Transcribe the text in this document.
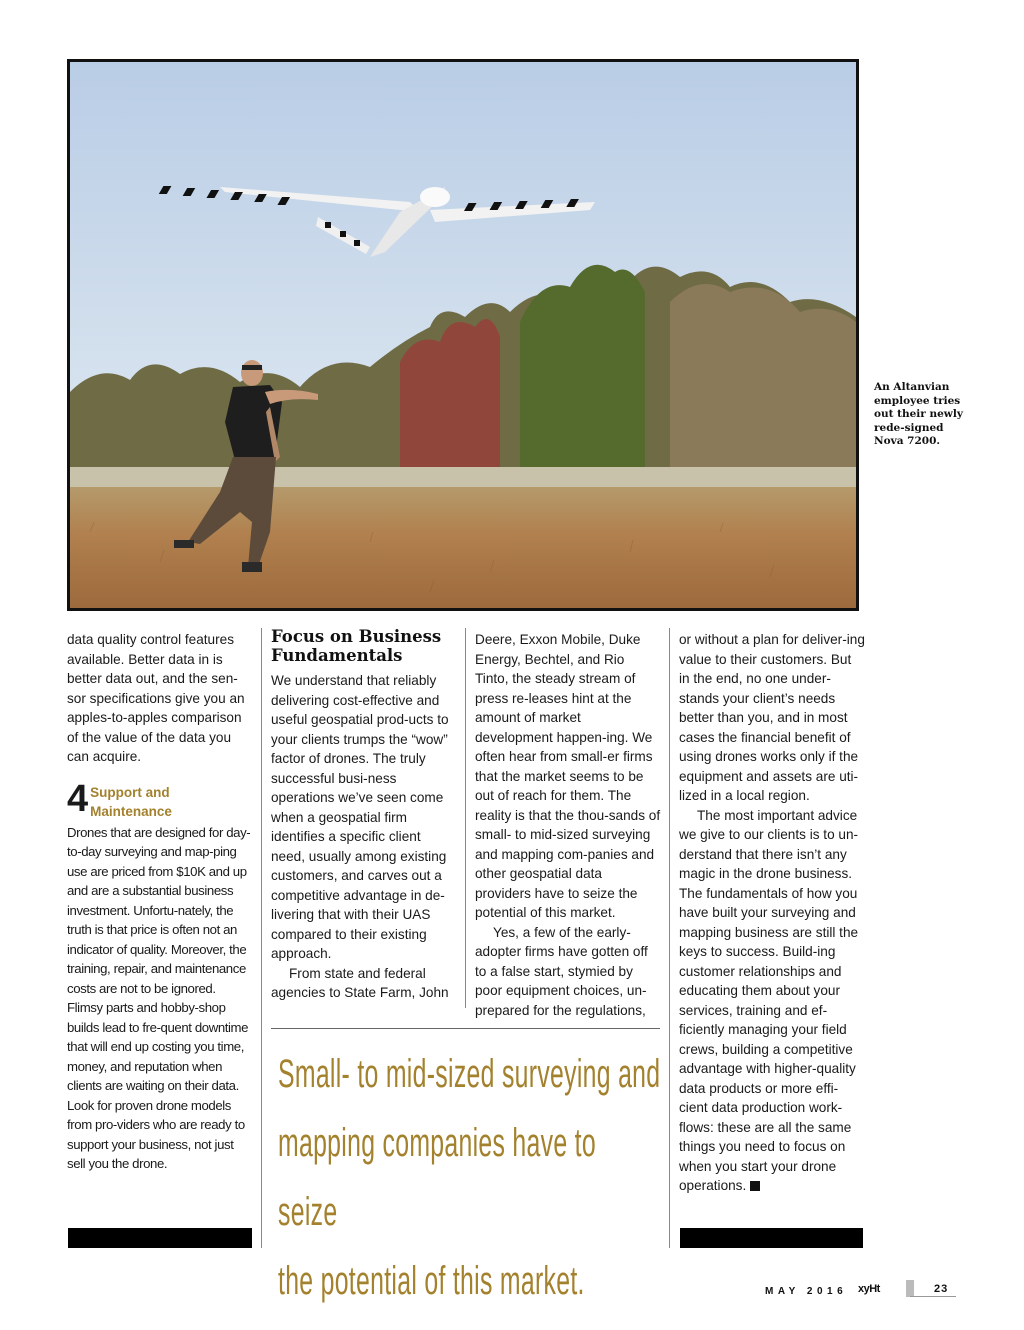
An Altanvian employee tries out their newly rede-signed Nova 7200.

data quality control features available. Better data in is better data out, and the sen-sor specifications give you an apples-to-apples comparison of the value of the data you can acquire.

4 Support and
Maintenance

Drones that are designed for day-to-day surveying and map-ping use are priced from $10K and up and are a substantial business investment. Unfortu-nately, the truth is that price is often not an indicator of quality. Moreover, the training, repair, and maintenance costs are not to be ignored. Flimsy parts and hobby-shop builds lead to fre-quent downtime that will end up costing you time, money, and reputation when clients are waiting on their data. Look for proven drone models from pro-viders who are ready to support your business, not just sell you the drone.

Focus on Business Fundamentals

We understand that reliably delivering cost-effective and useful geospatial prod-ucts to your clients trumps the “wow” factor of drones. The truly successful busi-ness operations we’ve seen come when a geospatial firm identifies a specific client need, usually among existing customers, and carves out a competitive advantage in de-livering that with their UAS compared to their existing approach.

From state and federal agencies to State Farm, John

Deere, Exxon Mobile, Duke Energy, Bechtel, and Rio Tinto, the steady stream of press re-leases hint at the amount of market development happen-ing. We often hear from small-er firms that the market seems to be out of reach for them. The reality is that the thou-sands of small- to mid-sized surveying and mapping com-panies and other geospatial data providers have to seize the potential of this market.

Yes, a few of the early-adopter firms have gotten off to a false start, stymied by poor equipment choices, un-prepared for the regulations,

or without a plan for deliver-ing value to their customers. But in the end, no one under-stands your client’s needs better than you, and in most cases the financial benefit of using drones works only if the equipment and assets are uti-lized in a local region.

The most important advice we give to our clients is to un-derstand that there isn’t any magic in the drone business. The fundamentals of how you have built your surveying and mapping business are still the keys to success. Build-ing customer relationships and educating them about your services, training and ef-ficiently managing your field crews, building a competitive advantage with higher-quality data products or more effi-cient data production work-flows: these are all the same things you need to focus on when you start your drone operations.

Small- to mid-sized surveying and
mapping companies have to seize
the potential of this market.	MAY 2016 xyHt	23
